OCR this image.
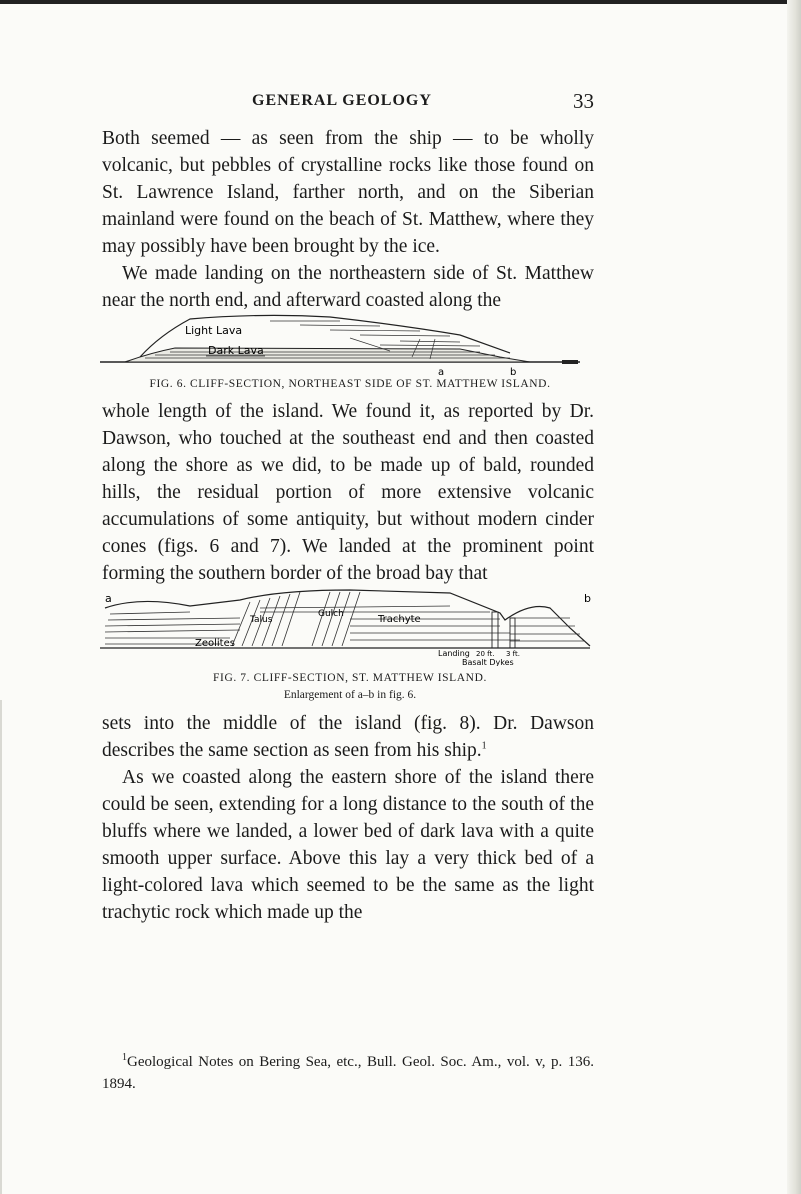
GENERAL GEOLOGY	33

Both seemed — as seen from the ship — to be wholly volcanic, but pebbles of crystalline rocks like those found on St. Lawrence Island, farther north, and on the Siberian mainland were found on the beach of St. Matthew, where they may possibly have been brought by the ice.

We made landing on the northeastern side of St. Matthew near the north end, and afterward coasted along the

Light Lava
Dark Lava
a	b
FIG. 6. CLIFF-SECTION, NORTHEAST SIDE OF ST. MATTHEW ISLAND.

whole length of the island. We found it, as reported by Dr. Dawson, who touched at the southeast end and then coasted along the shore as we did, to be made up of bald, rounded hills, the residual portion of more extensive volcanic accumulations of some antiquity, but without modern cinder cones (figs. 6 and 7). We landed at the prominent point forming the southern border of the broad bay that

a	b
Talus
Gulch	Trachyte
Zeolites
Landing 20 ft. 3 ft.
Basalt Dykes
FIG. 7. CLIFF-SECTION, ST. MATTHEW ISLAND.
Enlargement of a–b in fig. 6.

sets into the middle of the island (fig. 8). Dr. Dawson describes the same section as seen from his ship.$^1$

As we coasted along the eastern shore of the island there could be seen, extending for a long distance to the south of the bluffs where we landed, a lower bed of dark lava with a quite smooth upper surface. Above this lay a very thick bed of a light-colored lava which seemed to be the same as the light trachytic rock which made up the

$^1$Geological Notes on Bering Sea, etc., Bull. Geol. Soc. Am., vol. v, p. 136. 1894.
